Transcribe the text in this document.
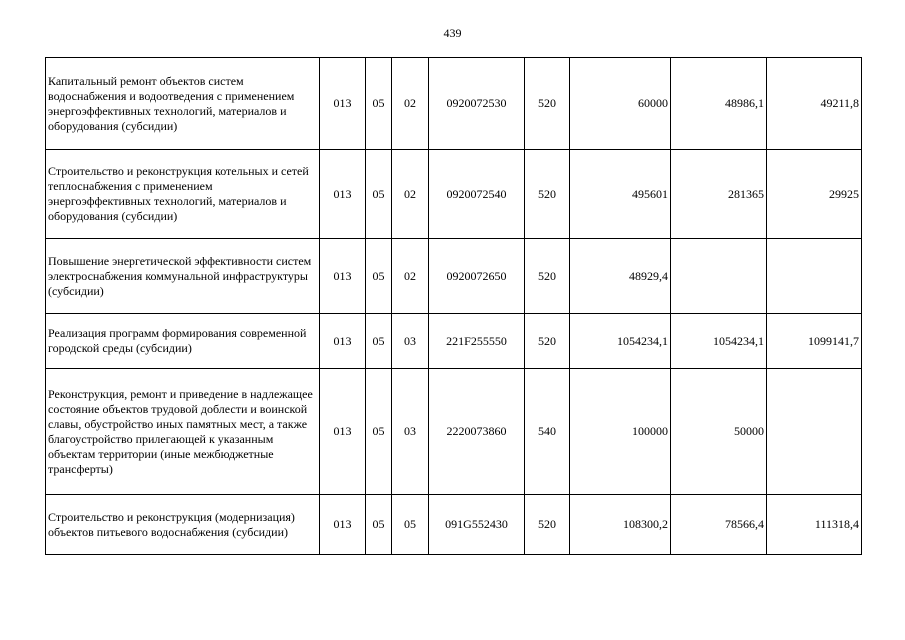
439
Капитальный ремонт объектов систем водоснабжения и водоотведения с применением энергоэффективных технологий, материалов и оборудования (субсидии)	013	05	02	0920072530	520	60000	48986,1	49211,8
Строительство и реконструкция котельных и сетей теплоснабжения с применением энергоэффективных технологий, материалов и оборудования (субсидии)	013	05	02	0920072540	520	495601	281365	29925
Повышение энергетической эффективности систем электроснабжения коммунальной инфраструктуры (субсидии)	013	05	02	0920072650	520	48929,4		
Реализация программ формирования современной городской среды (субсидии)	013	05	03	221F255550	520	1054234,1	1054234,1	1099141,7
Реконструкция, ремонт и приведение в надлежащее состояние объектов трудовой доблести и воинской славы, обустройство иных памятных мест, а также благоустройство прилегающей к указанным объектам территории (иные межбюджетные трансферты)	013	05	03	2220073860	540	100000	50000	
Строительство и реконструкция (модернизация) объектов питьевого водоснабжения (субсидии)	013	05	05	091G552430	520	108300,2	78566,4	111318,4
